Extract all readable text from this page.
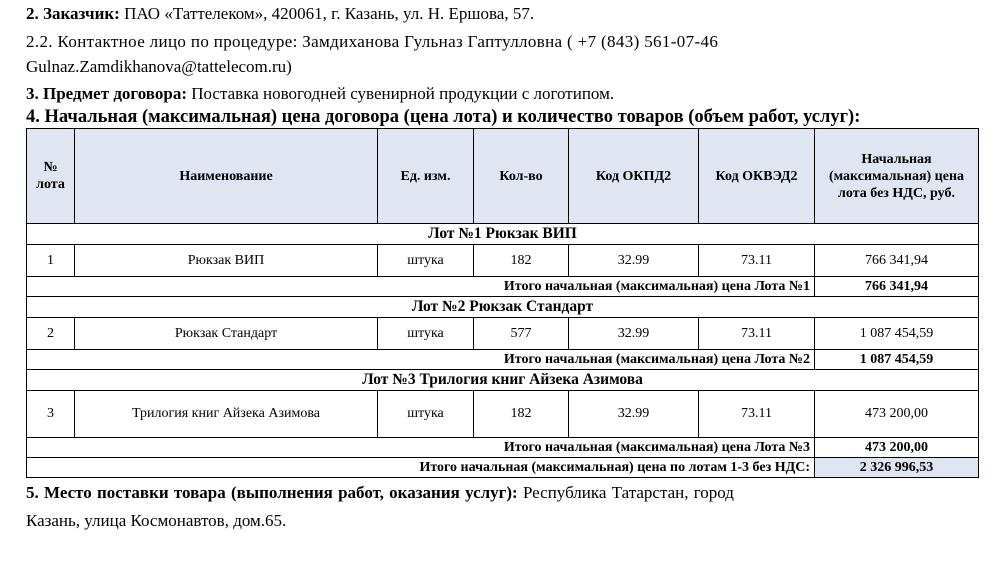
2. Заказчик: ПАО «Таттелеком», 420061, г. Казань, ул. Н. Ершова, 57.

2.2. Контактное лицо по процедуре: Замдиханова Гульназ Гаптулловна ( +7 (843) 561-07-46

Gulnaz.Zamdikhanova@tattelecom.ru)

3. Предмет договора: Поставка новогодней сувенирной продукции с логотипом.

4. Начальная (максимальная) цена договора (цена лота) и количество товаров (объем работ, услуг):

№ лота	Наименование	Ед. изм.	Кол-во	Код ОКПД2	Код ОКВЭД2	Начальная (максимальная) цена лота без НДС, руб.
Лот №1 Рюкзак ВИП						
1	Рюкзак ВИП	штука	182	32.99	73.11	766 341,94
Итого начальная (максимальная) цена Лота №1						766 341,94
Лот №2 Рюкзак Стандарт						
2	Рюкзак Стандарт	штука	577	32.99	73.11	1 087 454,59
Итого начальная (максимальная) цена Лота №2						1 087 454,59
Лот №3 Трилогия книг Айзека Азимова						
3	Трилогия книг Айзека Азимова	штука	182	32.99	73.11	473 200,00
Итого начальная (максимальная) цена Лота №3						473 200,00
Итого начальная (максимальная) цена по лотам 1-3 без НДС:						2 326 996,53

5. Место поставки товара (выполнения работ, оказания услуг): Республика Татарстан, город

Казань, улица Космонавтов, дом.65.
